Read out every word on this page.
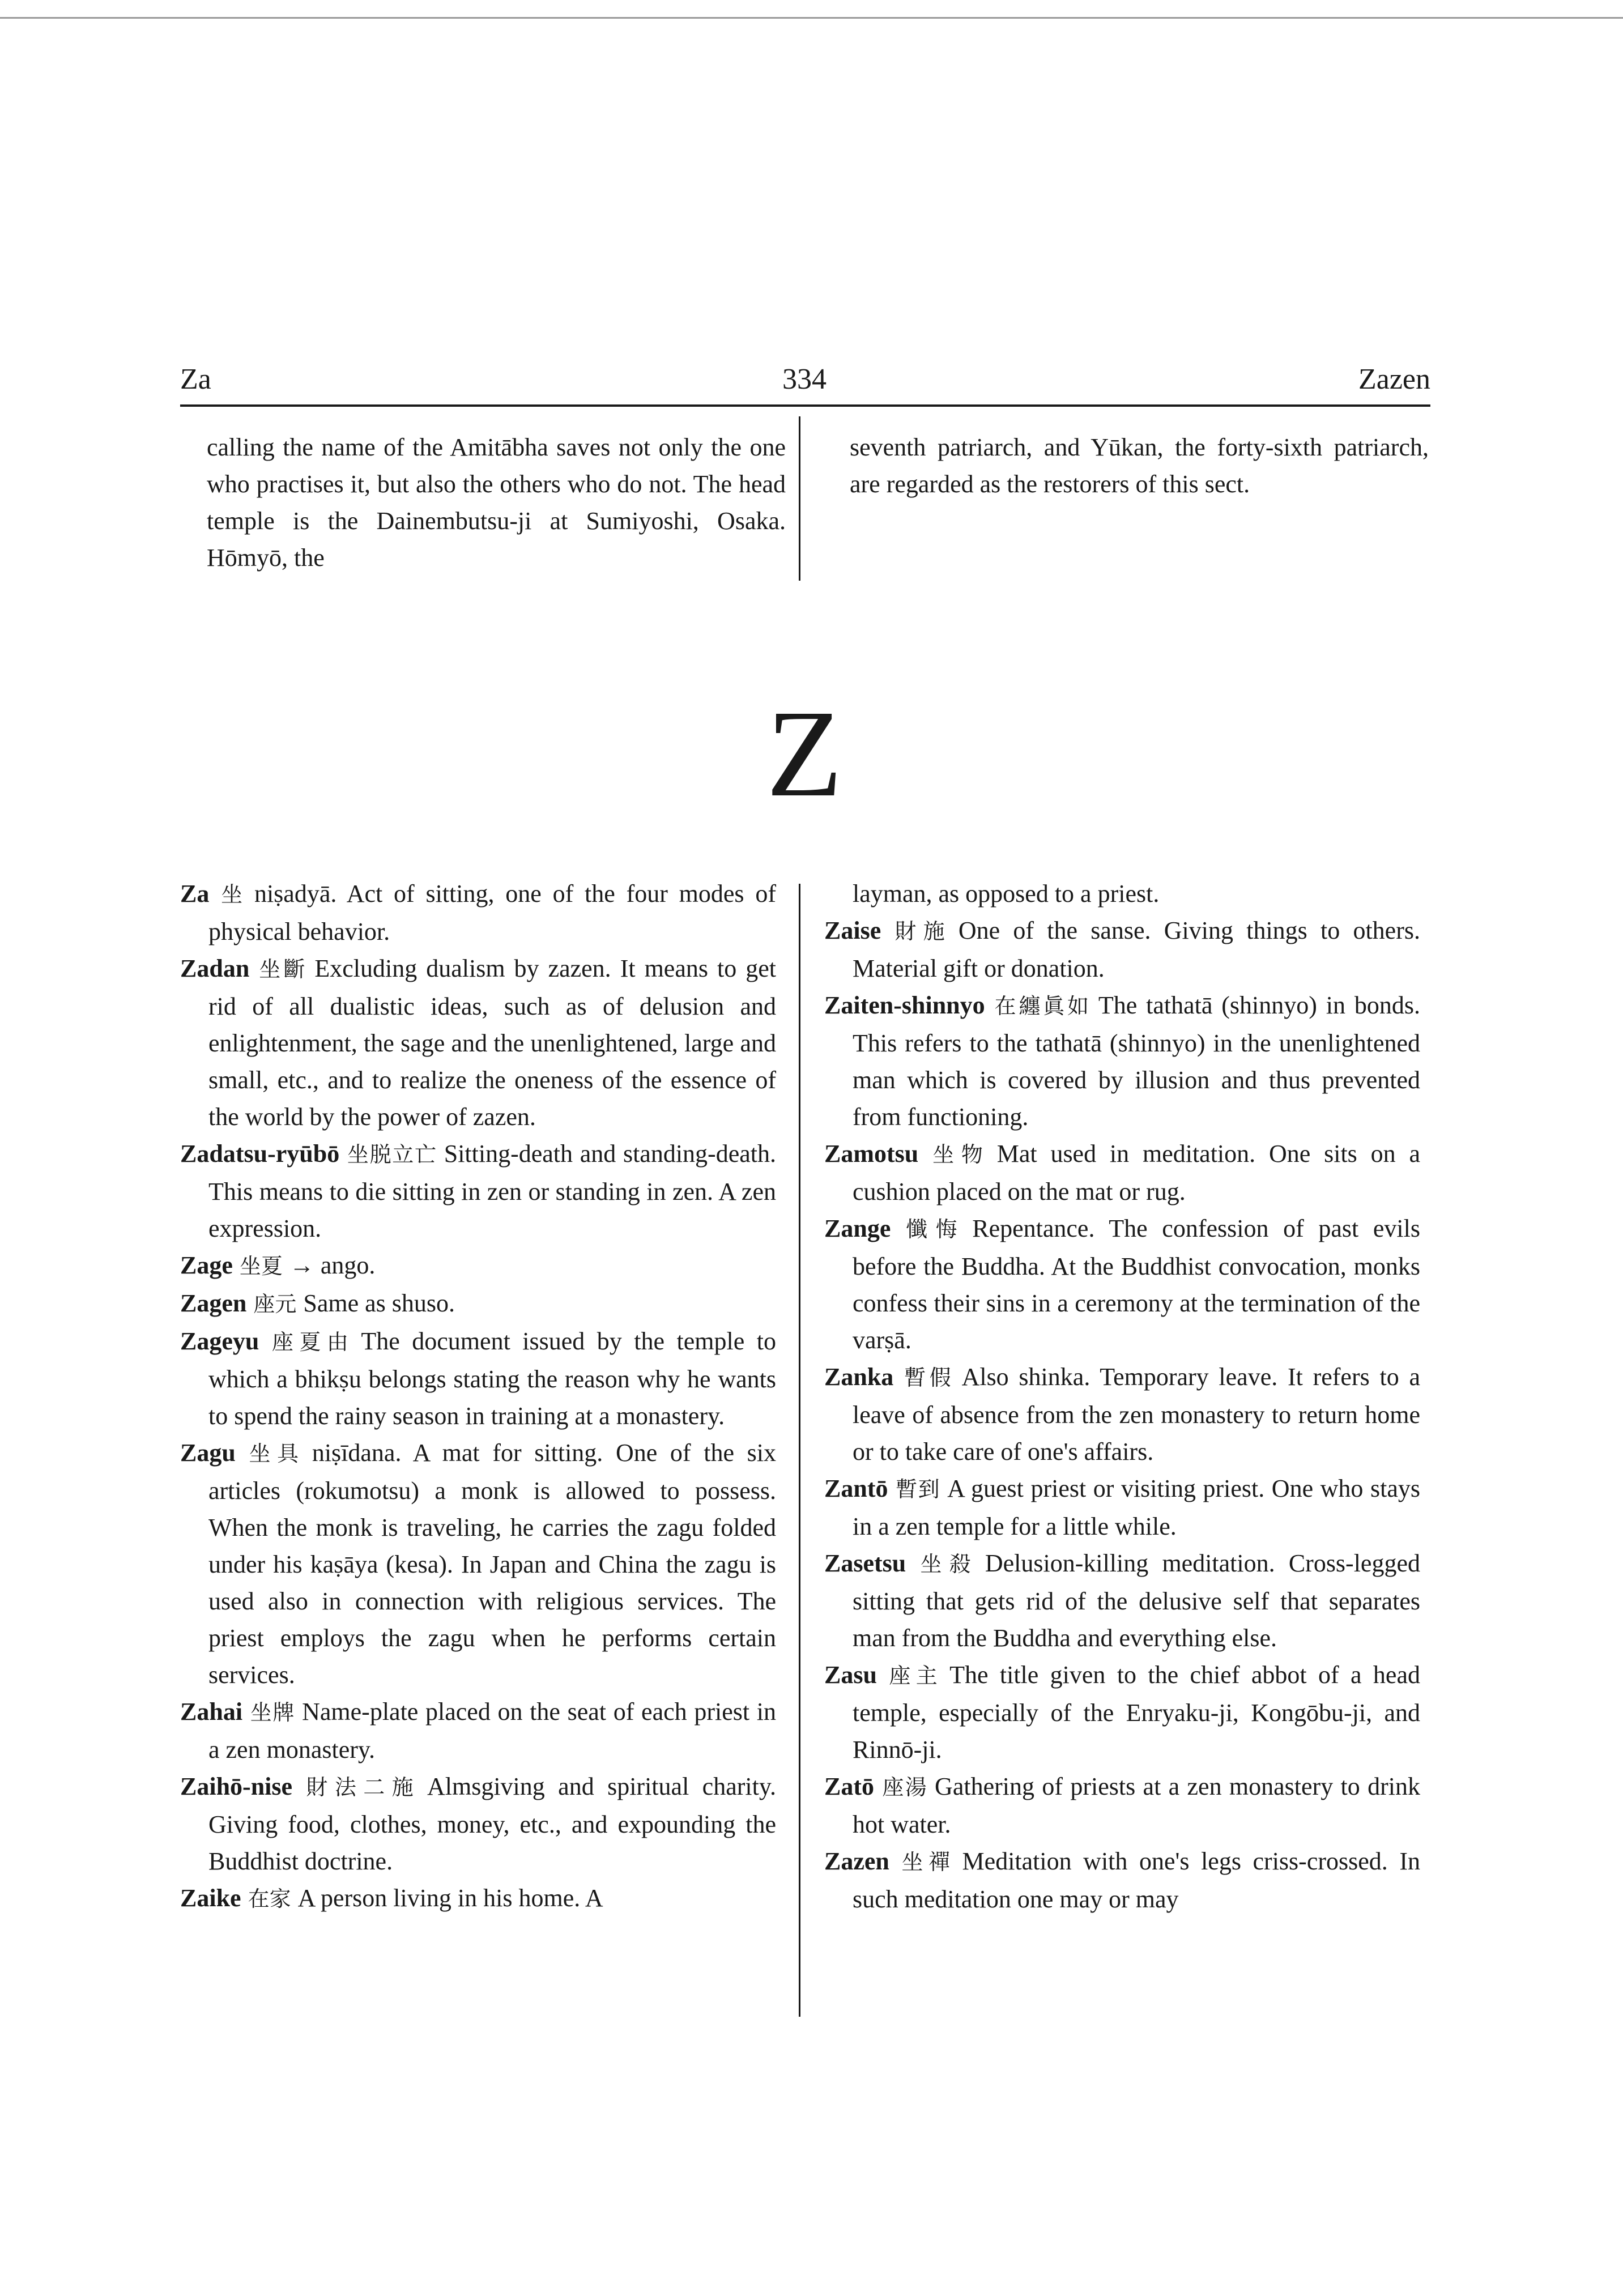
Za	334	Zazen
calling the name of the Amitābha saves not only the one who practises it, but also the others who do not. The head temple is the Dainembutsu-ji at Sumiyoshi, Osaka. Hōmyō, the
seventh patriarch, and Yūkan, the forty-sixth patriarch, are regarded as the restorers of this sect.
Z

Za 坐 niṣadyā. Act of sitting, one of the four modes of physical behavior.

Zadan 坐斷 Excluding dualism by zazen. It means to get rid of all dualistic ideas, such as of delusion and enlightenment, the sage and the unenlightened, large and small, etc., and to realize the oneness of the essence of the world by the power of zazen.

Zadatsu-ryūbō 坐脱立亡 Sitting-death and standing-death. This means to die sitting in zen or standing in zen. A zen expression.

Zage 坐夏 → ango.

Zagen 座元 Same as shuso.

Zageyu 座夏由 The document issued by the temple to which a bhikṣu belongs stating the reason why he wants to spend the rainy season in training at a monastery.

Zagu 坐具 niṣīdana. A mat for sitting. One of the six articles (rokumotsu) a monk is allowed to possess. When the monk is traveling, he carries the zagu folded under his kaṣāya (kesa). In Japan and China the zagu is used also in connection with religious services. The priest employs the zagu when he performs certain services.

Zahai 坐牌 Name-plate placed on the seat of each priest in a zen monastery.

Zaihō-nise 財法二施 Almsgiving and spiritual charity. Giving food, clothes, money, etc., and expounding the Buddhist doctrine.

Zaike 在家 A person living in his home. A

layman, as opposed to a priest.

Zaise 財施 One of the sanse. Giving things to others. Material gift or donation.

Zaiten-shinnyo 在纏眞如 The tathatā (shinnyo) in bonds. This refers to the tathatā (shinnyo) in the unenlightened man which is covered by illusion and thus prevented from functioning.

Zamotsu 坐物 Mat used in meditation. One sits on a cushion placed on the mat or rug.

Zange 懺悔 Repentance. The confession of past evils before the Buddha. At the Buddhist convocation, monks confess their sins in a ceremony at the termination of the varṣā.

Zanka 暫假 Also shinka. Temporary leave. It refers to a leave of absence from the zen monastery to return home or to take care of one's affairs.

Zantō 暫到 A guest priest or visiting priest. One who stays in a zen temple for a little while.

Zasetsu 坐殺 Delusion-killing meditation. Cross-legged sitting that gets rid of the delusive self that separates man from the Buddha and everything else.

Zasu 座主 The title given to the chief abbot of a head temple, especially of the Enryaku-ji, Kongōbu-ji, and Rinnō-ji.

Zatō 座湯 Gathering of priests at a zen monastery to drink hot water.

Zazen 坐禪 Meditation with one's legs criss-crossed. In such meditation one may or may
